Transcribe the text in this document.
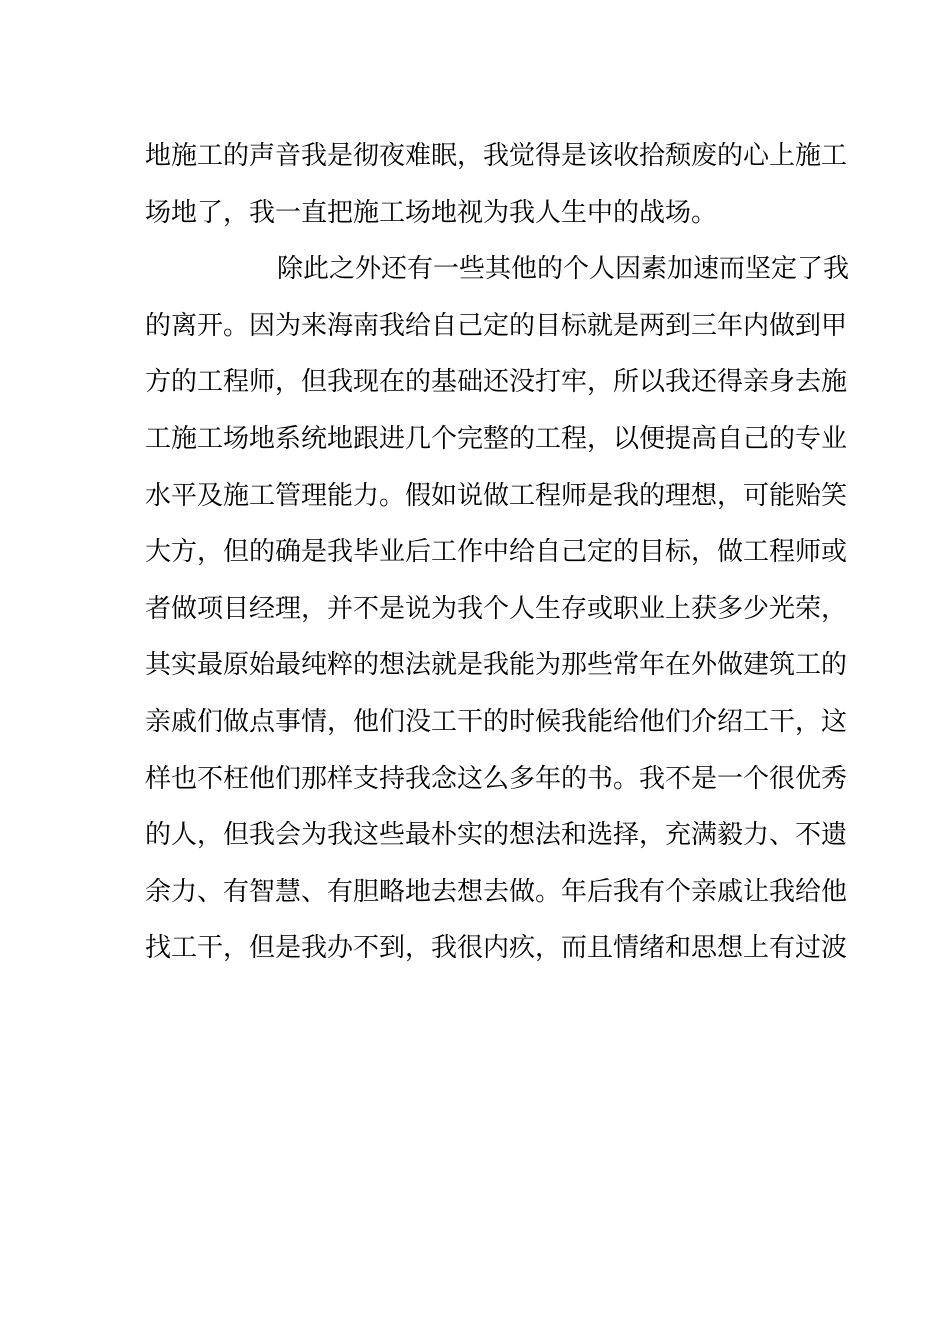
地施工的声音我是彻夜难眠，我觉得是该收拾颓废的心上施工
场地了，我一直把施工场地视为我人生中的战场。
除此之外还有一些其他的个人因素加速而坚定了我
的离开。因为来海南我给自己定的目标就是两到三年内做到甲
方的工程师，但我现在的基础还没打牢，所以我还得亲身去施
工施工场地系统地跟进几个完整的工程，以便提高自己的专业
水平及施工管理能力。假如说做工程师是我的理想，可能贻笑
大方，但的确是我毕业后工作中给自己定的目标，做工程师或
者做项目经理，并不是说为我个人生存或职业上获多少光荣，
其实最原始最纯粹的想法就是我能为那些常年在外做建筑工的
亲戚们做点事情，他们没工干的时候我能给他们介绍工干，这
样也不枉他们那样支持我念这么多年的书。我不是一个很优秀
的人，但我会为我这些最朴实的想法和选择，充满毅力、不遗
余力、有智慧、有胆略地去想去做。年后我有个亲戚让我给他
找工干，但是我办不到，我很内疚，而且情绪和思想上有过波
